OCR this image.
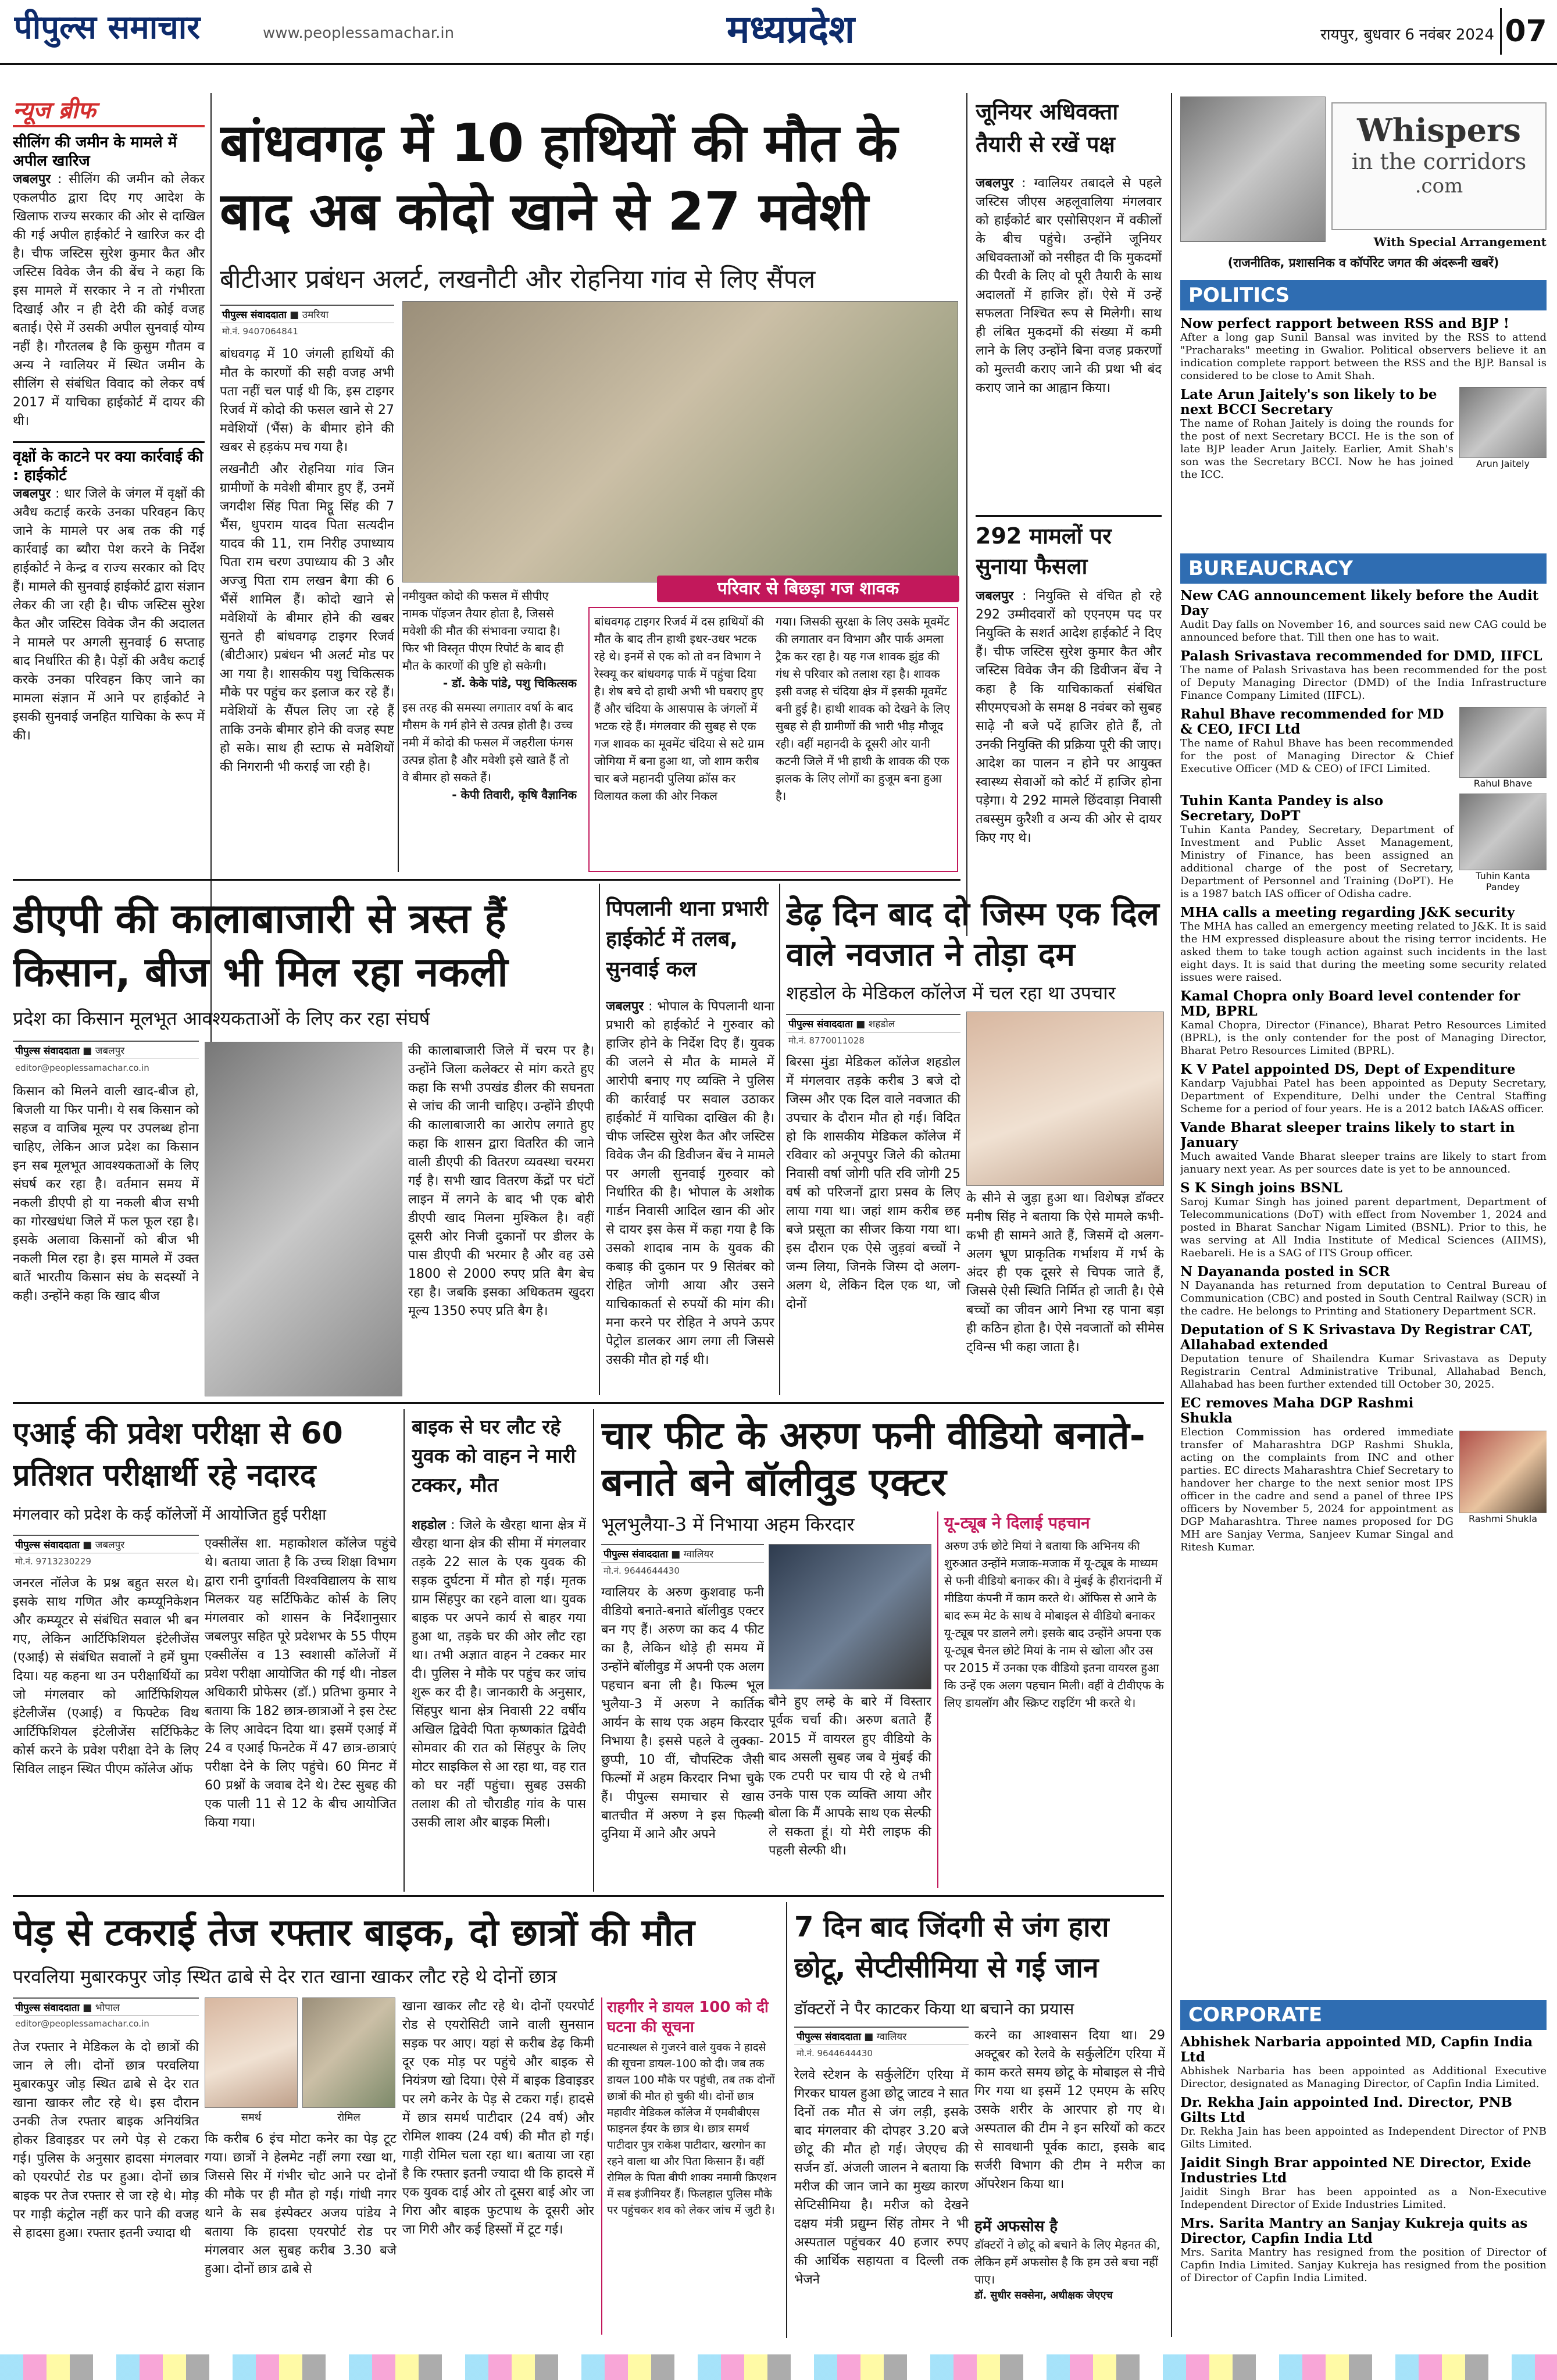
पीपुल्स समाचार	www.peoplessamachar.in	मध्यप्रदेश	रायपुर, बुधवार 6 नवंबर 2024 07
न्यूज ब्रीफ
सीलिंग की जमीन के मामले में अपील खारिज
जबलपुर : सीलिंग की जमीन को लेकर एकलपीठ द्वारा दिए गए आदेश के खिलाफ राज्य सरकार की ओर से दाखिल की गई अपील हाईकोर्ट ने खारिज कर दी है। चीफ जस्टिस सुरेश कुमार कैत और जस्टिस विवेक जैन की बेंच ने कहा कि इस मामले में सरकार ने न तो गंभीरता दिखाई और न ही देरी की कोई वजह बताई। ऐसे में उसकी अपील सुनवाई योग्य नहीं है। गौरतलब है कि कुसुम गौतम व अन्य ने ग्वालियर में स्थित जमीन के सीलिंग से संबंधित विवाद को लेकर वर्ष 2017 में याचिका हाईकोर्ट में दायर की थी।
वृक्षों के काटने पर क्या कार्रवाई की : हाईकोर्ट
जबलपुर : धार जिले के जंगल में वृक्षों की अवैध कटाई करके उनका परिवहन किए जाने के मामले पर अब तक की गई कार्रवाई का ब्यौरा पेश करने के निर्देश हाईकोर्ट ने केन्द्र व राज्य सरकार को दिए हैं। मामले की सुनवाई हाईकोर्ट द्वारा संज्ञान लेकर की जा रही है। चीफ जस्टिस सुरेश कैत और जस्टिस विवेक जैन की अदालत ने मामले पर अगली सुनवाई 6 सप्ताह बाद निर्धारित की है। पेड़ों की अवैध कटाई करके उनका परिवहन किए जाने का मामला संज्ञान में आने पर हाईकोर्ट ने इसकी सुनवाई जनहित याचिका के रूप में की।
बांधवगढ़ में 10 हाथियों की मौत के बाद अब कोदो खाने से 27 मवेशी
बीटीआर प्रबंधन अलर्ट, लखनौटी और रोहनिया गांव से लिए सैंपल
पीपुल्स संवाददाता ■ उमरिया
मो.नं. 9407064841

बांधवगढ़ में 10 जंगली हाथियों की मौत के कारणों की सही वजह अभी पता नहीं चल पाई थी कि, इस टाइगर रिजर्व में कोदो की फसल खाने से 27 मवेशियों (भैंस) के बीमार होने की खबर से हड़कंप मच गया है।

लखनौटी और रोहनिया गांव जिन ग्रामीणों के मवेशी बीमार हुए हैं, उनमें जगदीश सिंह पिता मिट्ठू सिंह की 7 भैंस, धुपराम यादव पिता सत्यदीन यादव की 11, राम निरीह उपाध्याय पिता राम चरण उपाध्याय की 3 और अज्जु पिता राम लखन बैगा की 6 भैंसें शामिल हैं। कोदो खाने से मवेशियों के बीमार होने की खबर सुनते ही बांधवगढ़ टाइगर रिजर्व (बीटीआर) प्रबंधन भी अलर्ट मोड पर आ गया है। शासकीय पशु चिकित्सक मौके पर पहुंच कर इलाज कर रहे हैं। मवेशियों के सैंपल लिए जा रहे हैं ताकि उनके बीमार होने की वजह स्पष्ट हो सके। साथ ही स्टाफ से मवेशियों की निगरानी भी कराई जा रही है।

नमीयुक्त कोदो की फसल में सीपीए नामक पॉइजन तैयार होता है, जिससे मवेशी की मौत की संभावना ज्यादा है। फिर भी विस्तृत पीएम रिपोर्ट के बाद ही मौत के कारणों की पुष्टि हो सकेगी।
- डॉ. केके पांडे, पशु चिकित्सक
इस तरह की समस्या लगातार वर्षा के बाद मौसम के गर्म होने से उत्पन्न होती है। उच्च नमी में कोदो की फसल में जहरीला फंगस उत्पन्न होता है और मवेशी इसे खाते हैं तो वे बीमार हो सकते हैं।
- केपी तिवारी, कृषि वैज्ञानिक
परिवार से बिछड़ा गज शावक
बांधवगढ़ टाइगर रिजर्व में दस हाथियों की मौत के बाद तीन हाथी इधर-उधर भटक रहे थे। इनमें से एक को तो वन विभाग ने रेस्क्यू कर बांधवगढ़ पार्क में पहुंचा दिया है। शेष बचे दो हाथी अभी भी घबराए हुए हैं और चंदिया के आसपास के जंगलों में भटक रहे हैं। मंगलवार की सुबह से एक गज शावक का मूवमेंट चंदिया से सटे ग्राम जोगिया में बना हुआ था, जो शाम करीब चार बजे महानदी पुलिया क्रॉस कर विलायत कला की ओर निकल
गया। जिसकी सुरक्षा के लिए उसके मूवमेंट की लगातार वन विभाग और पार्क अमला ट्रैक कर रहा है। यह गज शावक झुंड की गंध से परिवार को तलाश रहा है। शावक इसी वजह से चंदिया क्षेत्र में इसकी मूवमेंट बनी हुई है। हाथी शावक को देखने के लिए सुबह से ही ग्रामीणों की भारी भीड़ मौजूद रही। वहीं महानदी के दूसरी ओर यानी कटनी जिले में भी हाथी के शावक की एक झलक के लिए लोगों का हुजूम बना हुआ है।
जूनियर अधिवक्ता तैयारी से रखें पक्ष
जबलपुर : ग्वालियर तबादले से पहले जस्टिस जीएस अहलूवालिया मंगलवार को हाईकोर्ट बार एसोसिएशन में वकीलों के बीच पहुंचे। उन्होंने जूनियर अधिवक्ताओं को नसीहत दी कि मुकदमों की पैरवी के लिए वो पूरी तैयारी के साथ अदालतों में हाजिर हों। ऐसे में उन्हें सफलता निश्चित रूप से मिलेगी। साथ ही लंबित मुकदमों की संख्या में कमी लाने के लिए उन्होंने बिना वजह प्रकरणों को मुल्तवी कराए जाने की प्रथा भी बंद कराए जाने का आह्वान किया।
292 मामलों पर सुनाया फैसला
जबलपुर : नियुक्ति से वंचित हो रहे 292 उम्मीदवारों को एएनएम पद पर नियुक्ति के सशर्त आदेश हाईकोर्ट ने दिए हैं। चीफ जस्टिस सुरेश कुमार कैत और जस्टिस विवेक जैन की डिवीजन बेंच ने कहा है कि याचिकाकर्ता संबंधित सीएमएचओ के समक्ष 8 नवंबर को सुबह साढ़े नौ बजे पदें हाजिर होते हैं, तो उनकी नियुक्ति की प्रक्रिया पूरी की जाए। आदेश का पालन न होने पर आयुक्त स्वास्थ्य सेवाओं को कोर्ट में हाजिर होना पड़ेगा। ये 292 मामले छिंदवाड़ा निवासी तबस्सुम कुरैशी व अन्य की ओर से दायर किए गए थे।
डीएपी की कालाबाजारी से त्रस्त हैं किसान, बीज भी मिल रहा नकली
प्रदेश का किसान मूलभूत आवश्यकताओं के लिए कर रहा संघर्ष
पीपुल्स संवाददाता ■ जबलपुर
editor@peoplessamachar.co.in
किसान को मिलने वाली खाद-बीज हो, बिजली या फिर पानी। ये सब किसान को सहज व वाजिब मूल्य पर उपलब्ध होना चाहिए, लेकिन आज प्रदेश का किसान इन सब मूलभूत आवश्यकताओं के लिए संघर्ष कर रहा है। वर्तमान समय में नकली डीएपी हो या नकली बीज सभी का गोरखधंधा जिले में फल फूल रहा है। इसके अलावा किसानों को बीज भी नकली मिल रहा है। इस मामले में उक्त बातें भारतीय किसान संघ के सदस्यों ने कही। उन्होंने कहा कि खाद बीज
की कालाबाजारी जिले में चरम पर है। उन्होंने जिला कलेक्टर से मांग करते हुए कहा कि सभी उपखंड डीलर की सघनता से जांच की जानी चाहिए। उन्होंने डीएपी की कालाबाजारी का आरोप लगाते हुए कहा कि शासन द्वारा वितरित की जाने वाली डीएपी की वितरण व्यवस्था चरमरा गई है। सभी खाद वितरण केंद्रों पर घंटों लाइन में लगने के बाद भी एक बोरी डीएपी खाद मिलना मुश्किल है। वहीं दूसरी ओर निजी दुकानों पर डीलर के पास डीएपी की भरमार है और वह उसे 1800 से 2000 रुपए प्रति बैग बेच रहा है। जबकि इसका अधिकतम खुदरा मूल्य 1350 रुपए प्रति बैग है।
पिपलानी थाना प्रभारी हाईकोर्ट में तलब, सुनवाई कल
जबलपुर : भोपाल के पिपलानी थाना प्रभारी को हाईकोर्ट ने गुरुवार को हाजिर होने के निर्देश दिए हैं। युवक की जलने से मौत के मामले में आरोपी बनाए गए व्यक्ति ने पुलिस की कार्रवाई पर सवाल उठाकर हाईकोर्ट में याचिका दाखिल की है। चीफ जस्टिस सुरेश कैत और जस्टिस विवेक जैन की डिवीजन बेंच ने मामले पर अगली सुनवाई गुरुवार को निर्धारित की है। भोपाल के अशोक गार्डन निवासी आदिल खान की ओर से दायर इस केस में कहा गया है कि उसको शादाब नाम के युवक की कबाड़ की दुकान पर 9 सितंबर को रोहित जोगी आया और उसने याचिकाकर्ता से रुपयों की मांग की। मना करने पर रोहित ने अपने ऊपर पेट्रोल डालकर आग लगा ली जिससे उसकी मौत हो गई थी।
डेढ़ दिन बाद दो जिस्म एक दिल वाले नवजात ने तोड़ा दम
शहडोल के मेडिकल कॉलेज में चल रहा था उपचार
पीपुल्स संवाददाता ■ शहडोल
मो.नं. 8770011028
बिरसा मुंडा मेडिकल कॉलेज शहडोल में मंगलवार तड़के करीब 3 बजे दो जिस्म और एक दिल वाले नवजात की उपचार के दौरान मौत हो गई। विदित हो कि शासकीय मेडिकल कॉलेज में रविवार को अनूपपुर जिले की कोतमा निवासी वर्षा जोगी पति रवि जोगी 25 वर्ष को परिजनों द्वारा प्रसव के लिए लाया गया था। जहां शाम करीब छह बजे प्रसूता का सीजर किया गया था। इस दौरान एक ऐसे जुड़वां बच्चों ने जन्म लिया, जिनके जिस्म दो अलग-अलग थे, लेकिन दिल एक था, जो दोनों
के सीने से जुड़ा हुआ था। विशेषज्ञ डॉक्टर मनीष सिंह ने बताया कि ऐसे मामले कभी-कभी ही सामने आते हैं, जिसमें दो अलग-अलग भ्रूण प्राकृतिक गर्भाशय में गर्भ के अंदर ही एक दूसरे से चिपक जाते हैं, जिससे ऐसी स्थिति निर्मित हो जाती है। ऐसे बच्चों का जीवन आगे निभा रह पाना बड़ा ही कठिन होता है। ऐसे नवजातों को सीमेस ट्विन्स भी कहा जाता है।
एआई की प्रवेश परीक्षा से 60 प्रतिशत परीक्षार्थी रहे नदारद
मंगलवार को प्रदेश के कई कॉलेजों में आयोजित हुई परीक्षा
पीपुल्स संवाददाता ■ जबलपुर
मो.नं. 9713230229
जनरल नॉलेज के प्रश्न बहुत सरल थे। इसके साथ गणित और कम्प्यूनिकेशन और कम्प्यूटर से संबंधित सवाल भी बन गए, लेकिन आर्टिफिशियल इंटेलीजेंस (एआई) से संबंधित सवालों ने हमें घुमा दिया। यह कहना था उन परीक्षार्थियों का जो मंगलवार को आर्टिफिशियल इंटेलीजेंस (एआई) व फिफ्टेक विथ आर्टिफिशियल इंटेलीजेंस सर्टिफिकेट कोर्स करने के प्रवेश परीक्षा देने के लिए सिविल लाइन स्थित पीएम कॉलेज ऑफ
एक्सीलेंस शा. महाकोशल कॉलेज पहुंचे थे। बताया जाता है कि उच्च शिक्षा विभाग द्वारा रानी दुर्गावती विश्वविद्यालय के साथ मिलकर यह सर्टिफिकेट कोर्स के लिए मंगलवार को शासन के निर्देशानुसार जबलपुर सहित पूरे प्रदेशभर के 55 पीएम एक्सीलेंस व 13 स्वशासी कॉलेजों में प्रवेश परीक्षा आयोजित की गई थी। नोडल अधिकारी प्रोफेसर (डॉ.) प्रतिभा कुमार ने बताया कि 182 छात्र-छात्राओं ने इस टेस्ट के लिए आवेदन दिया था। इसमें एआई में 24 व एआई फिनटेक में 47 छात्र-छात्राएं परीक्षा देने के लिए पहुंचे। 60 मिनट में 60 प्रश्नों के जवाब देने थे। टेस्ट सुबह की एक पाली 11 से 12 के बीच आयोजित किया गया।
बाइक से घर लौट रहे युवक को वाहन ने मारी टक्कर, मौत
शहडोल : जिले के खैरहा थाना क्षेत्र में खैरहा थाना क्षेत्र की सीमा में मंगलवार तड़के 22 साल के एक युवक की सड़क दुर्घटना में मौत हो गई। मृतक ग्राम सिंहपुर का रहने वाला था। युवक बाइक पर अपने कार्य से बाहर गया हुआ था, तड़के घर की ओर लौट रहा था। तभी अज्ञात वाहन ने टक्कर मार दी। पुलिस ने मौके पर पहुंच कर जांच शुरू कर दी है। जानकारी के अनुसार, सिंहपुर थाना क्षेत्र निवासी 22 वर्षीय अखिल द्विवेदी पिता कृष्णकांत द्विवेदी सोमवार की रात को सिंहपुर के लिए मोटर साइकिल से आ रहा था, वह रात को घर नहीं पहुंचा। सुबह उसकी तलाश की तो चौराडीह गांव के पास उसकी लाश और बाइक मिली।
चार फीट के अरुण फनी वीडियो बनाते-बनाते बने बॉलीवुड एक्टर
भूलभुलैया-3 में निभाया अहम किरदार
पीपुल्स संवाददाता ■ ग्वालियर
मो.नं. 9644644430
ग्वालियर के अरुण कुशवाह फनी वीडियो बनाते-बनाते बॉलीवुड एक्टर बन गए हैं। अरुण का कद 4 फीट का है, लेकिन थोड़े ही समय में उन्होंने बॉलीवुड में अपनी एक अलग पहचान बना ली है। फिल्म भूल भुलैया-3 में अरुण ने कार्तिक आर्यन के साथ एक अहम किरदार निभाया है। इससे पहले वे लुक्का-छुप्पी, 10 वीं, चौपस्टिक जैसी फिल्मों में अहम किरदार निभा चुके हैं। पीपुल्स समाचार से खास बातचीत में अरुण ने इस फिल्मी दुनिया में आने और अपने
बौने हुए लम्हे के बारे में विस्तार पूर्वक चर्चा की। अरुण बताते हैं 2015 में वायरल हुए वीडियो के बाद असली सुबह जब वे मुंबई की एक टपरी पर चाय पी रहे थे तभी उनके पास एक व्यक्ति आया और बोला कि मैं आपके साथ एक सेल्फी ले सकता हूं। यो मेरी लाइफ की पहली सेल्फी थी।
यू-ट्यूब ने दिलाई पहचान
अरुण उर्फ छोटे मियां ने बताया कि अभिनय की शुरुआत उन्होंने मजाक-मजाक में यू-ट्यूब के माध्यम से फनी वीडियो बनाकर की। वे मुंबई के हीरानंदानी में मीडिया कंपनी में काम करते थे। ऑफिस से आने के बाद रूम मेट के साथ वे मोबाइल से वीडियो बनाकर यू-ट्यूब पर डालने लगे। इसके बाद उन्होंने अपना एक यू-ट्यूब चैनल छोटे मियां के नाम से खोला और उस पर 2015 में उनका एक वीडियो इतना वायरल हुआ कि उन्हें एक अलग पहचान मिली। वहीं वे टीवीएफ के लिए डायलॉग और स्क्रिप्ट राइटिंग भी करते थे।
पेड़ से टकराई तेज रफ्तार बाइक, दो छात्रों की मौत
परवलिया मुबारकपुर जोड़ स्थित ढाबे से देर रात खाना खाकर लौट रहे थे दोनों छात्र
पीपुल्स संवाददाता ■ भोपाल
editor@peoplessamachar.co.in
तेज रफ्तार ने मेडिकल के दो छात्रों की जान ले ली। दोनों छात्र परवलिया मुबारकपुर जोड़ स्थित ढाबे से देर रात खाना खाकर लौट रहे थे। इस दौरान उनकी तेज रफ्तार बाइक अनियंत्रित होकर डिवाइडर पर लगे पेड़ से टकरा गई। पुलिस के अनुसार हादसा मंगलवार को एयरपोर्ट रोड पर हुआ। दोनों छात्र बाइक पर तेज रफ्तार से जा रहे थे। मोड़ पर गाड़ी कंट्रोल नहीं कर पाने की वजह से हादसा हुआ। रफ्तार इतनी ज्यादा थी
समर्थ	रोमिल
कि करीब 6 इंच मोटा कनेर का पेड़ टूट गया। छात्रों ने हेलमेट नहीं लगा रखा था, जिससे सिर में गंभीर चोट आने पर दोनों की मौके पर ही मौत हो गई। गांधी नगर थाने के सब इंस्पेक्टर अजय पांडेय ने बताया कि हादसा एयरपोर्ट रोड पर मंगलवार अल सुबह करीब 3.30 बजे हुआ। दोनों छात्र ढाबे से
खाना खाकर लौट रहे थे। दोनों एयरपोर्ट रोड से एयरोसिटी जाने वाली सुनसान सड़क पर आए। यहां से करीब डेढ़ किमी दूर एक मोड़ पर पहुंचे और बाइक से नियंत्रण खो दिया। ऐसे में बाइक डिवाइडर पर लगे कनेर के पेड़ से टकरा गई। हादसे में छात्र समर्थ पाटीदार (24 वर्ष) और रोमिल शाक्य (24 वर्ष) की मौत हो गई। गाड़ी रोमिल चला रहा था। बताया जा रहा है कि रफ्तार इतनी ज्यादा थी कि हादसे में एक युवक दाई ओर तो दूसरा बाई ओर जा गिरा और बाइक फुटपाथ के दूसरी ओर जा गिरी और कई हिस्सों में टूट गई।
राहगीर ने डायल 100 को दी घटना की सूचना
घटनास्थल से गुजरने वाले युवक ने हादसे की सूचना डायल-100 को दी। जब तक डायल 100 मौके पर पहुंची, तब तक दोनों छात्रों की मौत हो चुकी थी। दोनों छात्र महावीर मेडिकल कॉलेज में एमबीबीएस फाइनल ईयर के छात्र थे। छात्र समर्थ पाटीदार पुत्र राकेश पाटीदार, खरगोन का रहने वाला था और पिता किसान हैं। वहीं रोमिल के पिता बीपी शाक्य नमामी क्रिएशन में सब इंजीनियर हैं। फिलहाल पुलिस मौके पर पहुंचकर शव को लेकर जांच में जुटी है।
7 दिन बाद जिंदगी से जंग हारा छोटू, सेप्टीसीमिया से गई जान
डॉक्टरों ने पैर काटकर किया था बचाने का प्रयास
पीपुल्स संवाददाता ■ ग्वालियर
मो.नं. 9644644430
रेलवे स्टेशन के सर्कुलेटिंग एरिया में गिरकर घायल हुआ छोटू जाटव ने सात दिनों तक मौत से जंग लड़ी, इसके बाद मंगलवार की दोपहर 3.20 बजे छोटू की मौत हो गई। जेएएच की सर्जन डॉ. अंजली जालन ने बताया कि मरीज की जान जाने का मुख्य कारण सेप्टिसीमिया है। मरीज को देखने दक्षय मंत्री प्रद्युम्न सिंह तोमर ने भी अस्पताल पहुंचकर 40 हजार रुपए की आर्थिक सहायता व दिल्ली तक भेजने
करने का आश्वासन दिया था। 29 अक्टूबर को रेलवे के सर्कुलेटिंग एरिया में काम करते समय छोटू के मोबाइल से नीचे गिर गया था इसमें 12 एमएम के सरिए उसके शरीर के आरपार हो गए थे। अस्पताल की टीम ने इन सरियों को कटर से सावधानी पूर्वक काटा, इसके बाद सर्जरी विभाग की टीम ने मरीज का ऑपरेशन किया था।
हमें अफसोस है
डॉक्टरों ने छोटू को बचाने के लिए मेहनत की, लेकिन हमें अफसोस है कि हम उसे बचा नहीं पाए।
डॉ. सुधीर सक्सेना, अधीक्षक जेएएच
Whispers
in the corridors
.com
With Special Arrangement
(राजनीतिक, प्रशासनिक व कॉर्पोरेट जगत की अंदरूनी खबरें)
POLITICS
Now perfect rapport between RSS and BJP !
After a long gap Sunil Bansal was invited by the RSS to attend "Pracharaks" meeting in Gwalior. Political observers believe it an indication complete rapport between the RSS and the BJP. Bansal is considered to be close to Amit Shah.
Late Arun Jaitely's son likely to be next BCCI Secretary
The name of Rohan Jaitely is doing the rounds for the post of next Secretary BCCI. He is the son of late BJP leader Arun Jaitely. Earlier, Amit Shah's son was the Secretary BCCI. Now he has joined the ICC.
Arun Jaitely
BUREAUCRACY
New CAG announcement likely before the Audit Day
Audit Day falls on November 16, and sources said new CAG could be announced before that. Till then one has to wait.
Palash Srivastava recommended for DMD, IIFCL
The name of Palash Srivastava has been recommended for the post of Deputy Managing Director (DMD) of the India Infrastructure Finance Company Limited (IIFCL).
Rahul Bhave recommended for MD & CEO, IFCI Ltd
The name of Rahul Bhave has been recommended for the post of Managing Director & Chief Executive Officer (MD & CEO) of IFCI Limited.
Rahul Bhave
Tuhin Kanta Pandey is also Secretary, DoPT
Tuhin Kanta Pandey, Secretary, Department of Investment and Public Asset Management, Ministry of Finance, has been assigned an additional charge of the post of Secretary, Department of Personnel and Training (DoPT). He is a 1987 batch IAS officer of Odisha cadre.
Tuhin Kanta Pandey
MHA calls a meeting regarding J&K security
The MHA has called an emergency meeting related to J&K. It is said the HM expressed displeasure about the rising terror incidents. He asked them to take tough action against such incidents in the last eight days. It is said that during the meeting some security related issues were raised.
Kamal Chopra only Board level contender for MD, BPRL
Kamal Chopra, Director (Finance), Bharat Petro Resources Limited (BPRL), is the only contender for the post of Managing Director, Bharat Petro Resources Limited (BPRL).
K V Patel appointed DS, Dept of Expenditure
Kandarp Vajubhai Patel has been appointed as Deputy Secretary, Department of Expenditure, Delhi under the Central Staffing Scheme for a period of four years. He is a 2012 batch IA&AS officer.
Vande Bharat sleeper trains likely to start in January
Much awaited Vande Bharat sleeper trains are likely to start from january next year. As per sources date is yet to be announced.
S K Singh joins BSNL
Saroj Kumar Singh has joined parent department, Department of Telecommunications (DoT) with effect from November 1, 2024 and posted in Bharat Sanchar Nigam Limited (BSNL). Prior to this, he was serving at All India Institute of Medical Sciences (AIIMS), Raebareli. He is a SAG of ITS Group officer.
N Dayananda posted in SCR
N Dayananda has returned from deputation to Central Bureau of Communication (CBC) and posted in South Central Railway (SCR) in the cadre. He belongs to Printing and Stationery Department SCR.
Deputation of S K Srivastava Dy Registrar CAT, Allahabad extended
Deputation tenure of Shailendra Kumar Srivastava as Deputy Registrarin Central Administrative Tribunal, Allahabad Bench, Allahabad has been further extended till October 30, 2025.
EC removes Maha DGP Rashmi Shukla
Election Commission has ordered immediate transfer of Maharashtra DGP Rashmi Shukla, acting on the complaints from INC and other parties. EC directs Maharashtra Chief Secretary to handover her charge to the next senior most IPS officer in the cadre and send a panel of three IPS officers by November 5, 2024 for appointment as DGP Maharashtra. Three names proposed for DG MH are Sanjay Verma, Sanjeev Kumar Singal and Ritesh Kumar.
Rashmi Shukla
CORPORATE
Abhishek Narbaria appointed MD, Capfin India Ltd
Abhishek Narbaria has been appointed as Additional Executive Director, designated as Managing Director, of Capfin India Limited.
Dr. Rekha Jain appointed Ind. Director, PNB Gilts Ltd
Dr. Rekha Jain has been appointed as Independent Director of PNB Gilts Limited.
Jaidit Singh Brar appointed NE Director, Exide Industries Ltd
Jaidit Singh Brar has been appointed as a Non-Executive Independent Director of Exide Industries Limited.
Mrs. Sarita Mantry an Sanjay Kukreja quits as Director, Capfin India Ltd
Mrs. Sarita Mantry has resigned from the position of Director of Capfin India Limited. Sanjay Kukreja has resigned from the position of Director of Capfin India Limited.
